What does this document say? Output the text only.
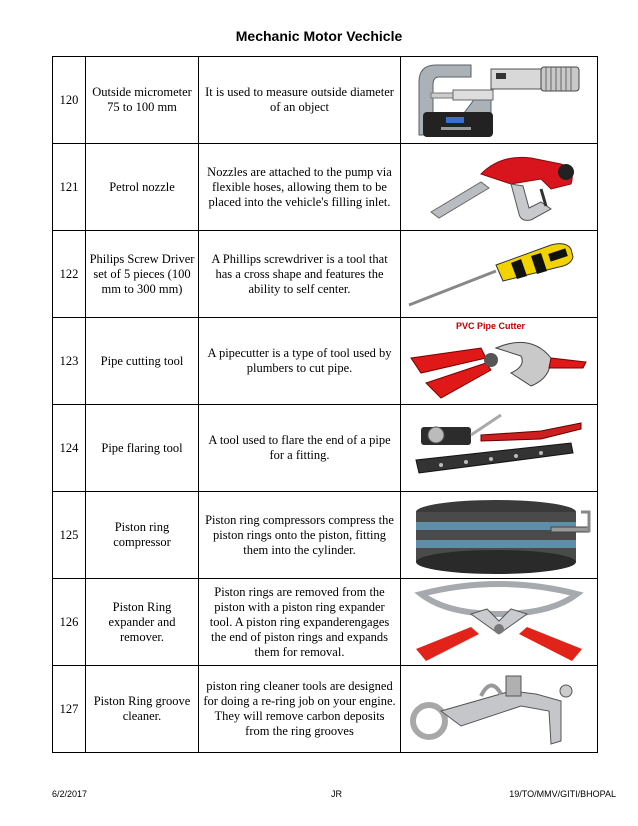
Mechanic Motor Vechicle
120	Outside micrometer 75 to 100 mm	It is used to measure outside diameter of an object	

121	Petrol nozzle	Nozzles are attached to the pump via flexible hoses, allowing them to be placed into the vehicle's filling inlet.	

122	Philips Screw Driver set of 5 pieces (100 mm to 300 mm)	A Phillips screwdriver is a tool that has a cross shape and features the ability to self center.	

123	Pipe cutting tool	A pipecutter is a type of tool used by plumbers to cut pipe.	PVC Pipe Cutter

124	Pipe flaring tool	A tool used to flare the end of a pipe for a fitting.	

125	Piston ring compressor	Piston ring compressors compress the piston rings onto the piston, fitting them into the cylinder.	

126	Piston Ring expander and remover.	Piston rings are removed from the piston with a piston ring expander tool. A piston ring expanderengages the end of piston rings and expands them for removal.	

127	Piston Ring groove cleaner.	piston ring cleaner tools are designed for doing a re-ring job on your engine. They will remove carbon deposits from the ring grooves	
6/2/2017	JR	19/TO/MMV/GITI/BHOPAL
